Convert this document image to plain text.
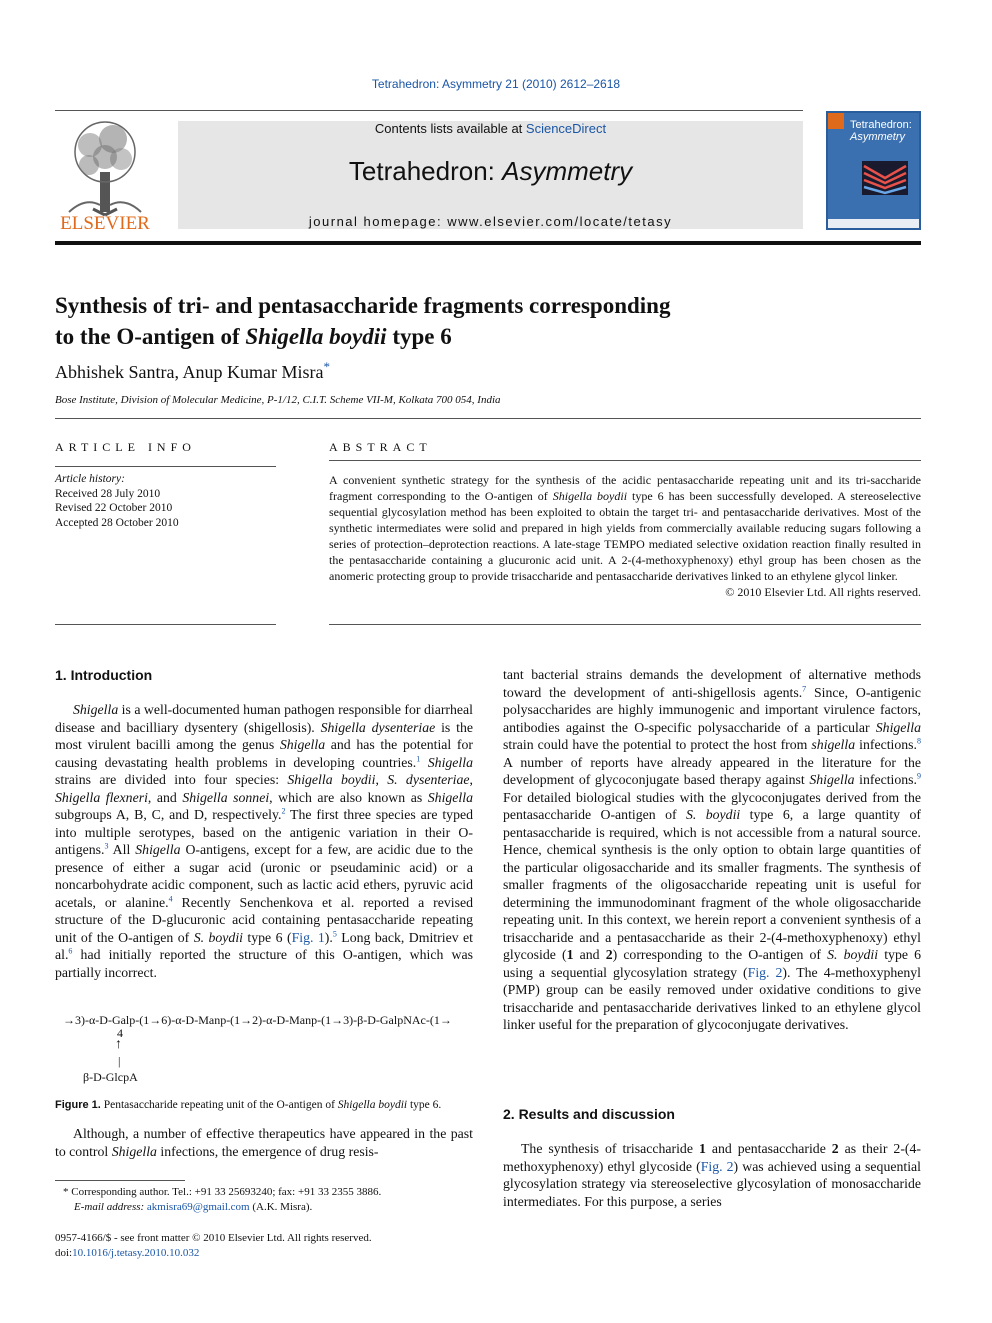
Tetrahedron: Asymmetry 21 (2010) 2612–2618
ELSEVIER
Contents lists available at ScienceDirect
Tetrahedron: Asymmetry
journal homepage: www.elsevier.com/locate/tetasy
Tetrahedron:
Asymmetry
Synthesis of tri- and pentasaccharide fragments corresponding
to the O-antigen of Shigella boydii type 6
Abhishek Santra, Anup Kumar Misra*
Bose Institute, Division of Molecular Medicine, P-1/12, C.I.T. Scheme VII-M, Kolkata 700 054, India
ARTICLE INFO	ABSTRACT
Article history:
Received 28 July 2010
Revised 22 October 2010
Accepted 28 October 2010
A convenient synthetic strategy for the synthesis of the acidic pentasaccharide repeating unit and its tri-saccharide fragment corresponding to the O-antigen of Shigella boydii type 6 has been successfully developed. A stereoselective sequential glycosylation method has been exploited to obtain the target tri- and pentasaccharide derivatives. Most of the synthetic intermediates were solid and prepared in high yields from commercially available reducing sugars following a series of protection–deprotection reactions. A late-stage TEMPO mediated selective oxidation reaction finally resulted in the pentasaccharide containing a glucuronic acid unit. A 2-(4-methoxyphenoxy) ethyl group has been chosen as the anomeric protecting group to provide trisaccharide and pentasaccharide derivatives linked to an ethylene glycol linker.
© 2010 Elsevier Ltd. All rights reserved.
1. Introduction

Shigella is a well-documented human pathogen responsible for diarrheal disease and bacilliary dysentery (shigellosis). Shigella dysenteriae is the most virulent bacilli among the genus Shigella and has the potential for causing devastating health problems in developing countries.$^1$ Shigella strains are divided into four species: Shigella boydii, S. dysenteriae, Shigella flexneri, and Shigella sonnei, which are also known as Shigella subgroups A, B, C, and D, respectively.$^2$ The first three species are typed into multiple serotypes, based on the antigenic variation in their O-antigens.$^3$ All Shigella O-antigens, except for a few, are acidic due to the presence of either a sugar acid (uronic or pseudaminic acid) or a noncarbohydrate acidic component, such as lactic acid ethers, pyruvic acid acetals, or alanine.$^4$ Recently Senchenkova et al. reported a revised structure of the D-glucuronic acid containing pentasaccharide repeating unit of the O-antigen of S. boydii type 6 (Fig. 1).$^5$ Long back, Dmitriev et al.$^6$ had initially reported the structure of this O-antigen, which was partially incorrect.

→3)-α-D-Galp-(1→6)-α-D-Manp-(1→2)-α-D-Manp-(1→3)-β-D-GalpNAc-(1→
4
↑
|
β-D-GlcpA
Figure 1. Pentasaccharide repeating unit of the O-antigen of Shigella boydii type 6.

Although, a number of effective therapeutics have appeared in the past to control Shigella infections, the emergence of drug resis-

* Corresponding author. Tel.: +91 33 25693240; fax: +91 33 2355 3886.
E-mail address: akmisra69@gmail.com (A.K. Misra).
0957-4166/$ - see front matter © 2010 Elsevier Ltd. All rights reserved.
doi:10.1016/j.tetasy.2010.10.032

tant bacterial strains demands the development of alternative methods toward the development of anti-shigellosis agents.$^7$ Since, O-antigenic polysaccharides are highly immunogenic and important virulence factors, antibodies against the O-specific polysaccharide of a particular Shigella strain could have the potential to protect the host from shigella infections.$^8$ A number of reports have already appeared in the literature for the development of glycoconjugate based therapy against Shigella infections.$^9$ For detailed biological studies with the glycoconjugates derived from the pentasaccharide O-antigen of S. boydii type 6, a large quantity of pentasaccharide is required, which is not accessible from a natural source. Hence, chemical synthesis is the only option to obtain large quantities of the particular oligosaccharide and its smaller fragments. The synthesis of smaller fragments of the oligosaccharide repeating unit is useful for determining the immunodominant fragment of the whole oligosaccharide repeating unit. In this context, we herein report a convenient synthesis of a trisaccharide and a pentasaccharide as their 2-(4-methoxyphenoxy) ethyl glycoside (1 and 2) corresponding to the O-antigen of S. boydii type 6 using a sequential glycosylation strategy (Fig. 2). The 4-methoxyphenyl (PMP) group can be easily removed under oxidative conditions to give trisaccharide and pentasaccharide derivatives linked to an ethylene glycol linker useful for the preparation of glycoconjugate derivatives.

2. Results and discussion

The synthesis of trisaccharide 1 and pentasaccharide 2 as their 2-(4-methoxyphenoxy) ethyl glycoside (Fig. 2) was achieved using a sequential glycosylation strategy via stereoselective glycosylation of monosaccharide intermediates. For this purpose, a series
